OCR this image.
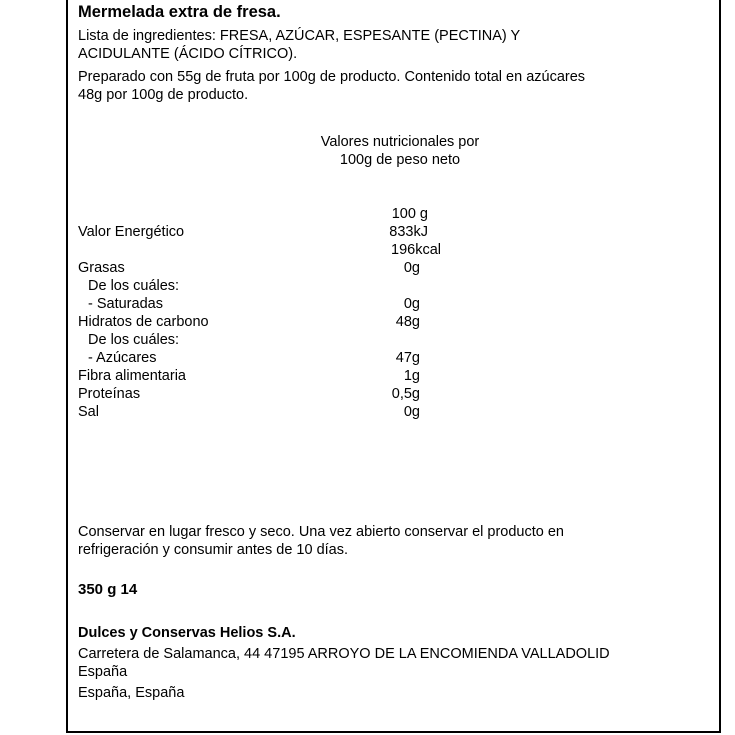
Mermelada extra de fresa.
Lista de ingredientes: FRESA, AZÚCAR, ESPESANTE (PECTINA) Y
ACIDULANTE (ÁCIDO CÍTRICO).
Preparado con 55g de fruta por 100g de producto. Contenido total en azúcares
48g por 100g de producto.
Valores nutricionales por
100g de peso neto
100 g
Valor Energético	833kJ
196kcal
Grasas	0g
De los cuáles:
- Saturadas	0g
Hidratos de carbono	48g
De los cuáles:
- Azúcares	47g
Fibra alimentaria	1g
Proteínas	0,5g
Sal	0g
Conservar en lugar fresco y seco. Una vez abierto conservar el producto en
refrigeración y consumir antes de 10 días.
350 g 14
Dulces y Conservas Helios S.A.
Carretera de Salamanca, 44 47195 ARROYO DE LA ENCOMIENDA VALLADOLID
España
España, España
